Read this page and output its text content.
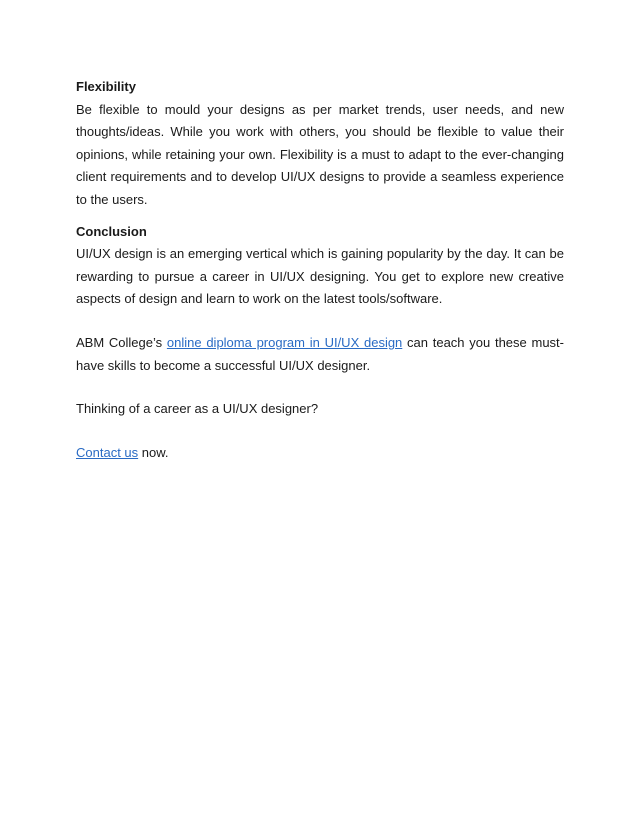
Flexibility

Be flexible to mould your designs as per market trends, user needs, and new thoughts/ideas. While you work with others, you should be flexible to value their opinions, while retaining your own. Flexibility is a must to adapt to the ever-changing client requirements and to develop UI/UX designs to provide a seamless experience to the users.

Conclusion

UI/UX design is an emerging vertical which is gaining popularity by the day. It can be rewarding to pursue a career in UI/UX designing. You get to explore new creative aspects of design and learn to work on the latest tools/software.

ABM College’s online diploma program in UI/UX design can teach you these must-have skills to become a successful UI/UX designer.

Thinking of a career as a UI/UX designer?

Contact us now.
